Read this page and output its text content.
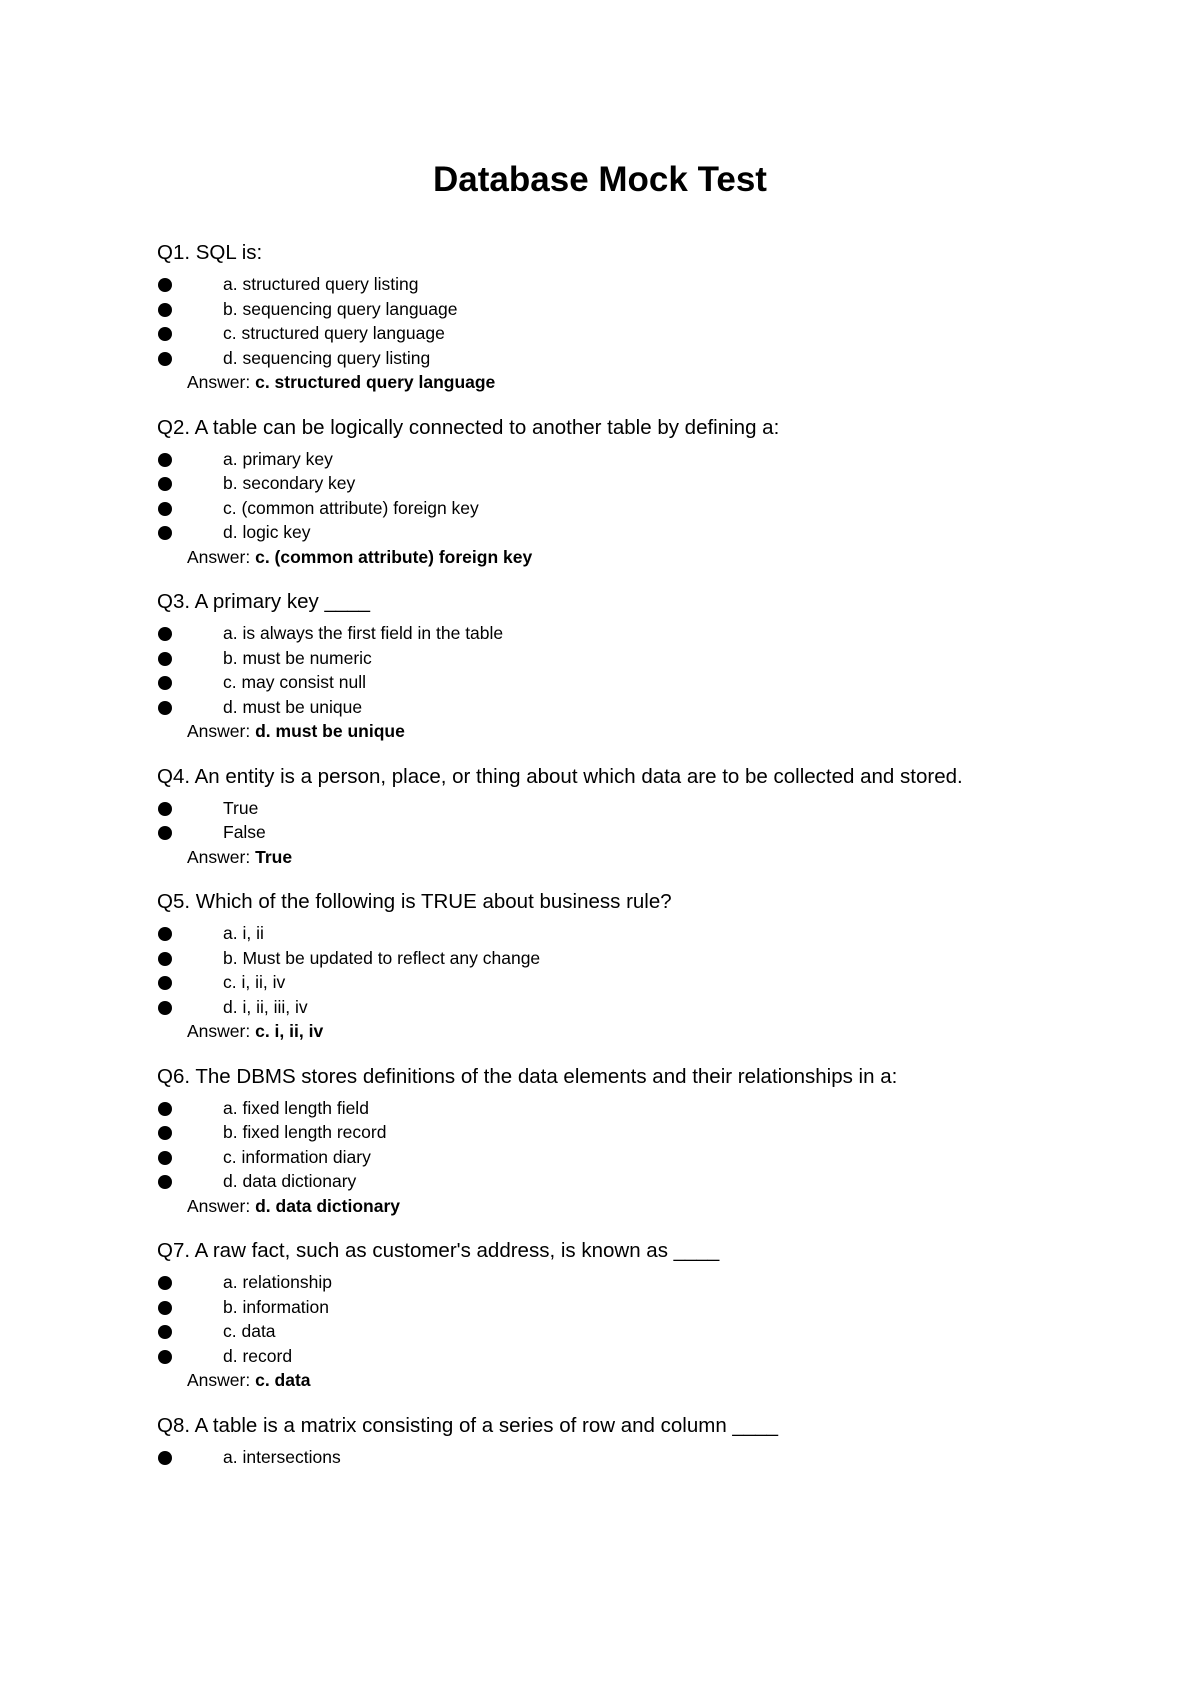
Database Mock Test

Q1. SQL is:

a. structured query listing
b. sequencing query language
c. structured query language
d. sequencing query listing
Answer: c. structured query language

Q2. A table can be logically connected to another table by defining a:

a. primary key
b. secondary key
c. (common attribute) foreign key
d. logic key
Answer: c. (common attribute) foreign key

Q3. A primary key ____

a. is always the first field in the table
b. must be numeric
c. may consist null
d. must be unique
Answer: d. must be unique

Q4. An entity is a person, place, or thing about which data are to be collected and stored.

True
False
Answer: True

Q5. Which of the following is TRUE about business rule?

a. i, ii
b. Must be updated to reflect any change
c. i, ii, iv
d. i, ii, iii, iv
Answer: c. i, ii, iv

Q6. The DBMS stores definitions of the data elements and their relationships in a:

a. fixed length field
b. fixed length record
c. information diary
d. data dictionary
Answer: d. data dictionary

Q7. A raw fact, such as customer's address, is known as ____

a. relationship
b. information
c. data
d. record
Answer: c. data

Q8. A table is a matrix consisting of a series of row and column ____

a. intersections
